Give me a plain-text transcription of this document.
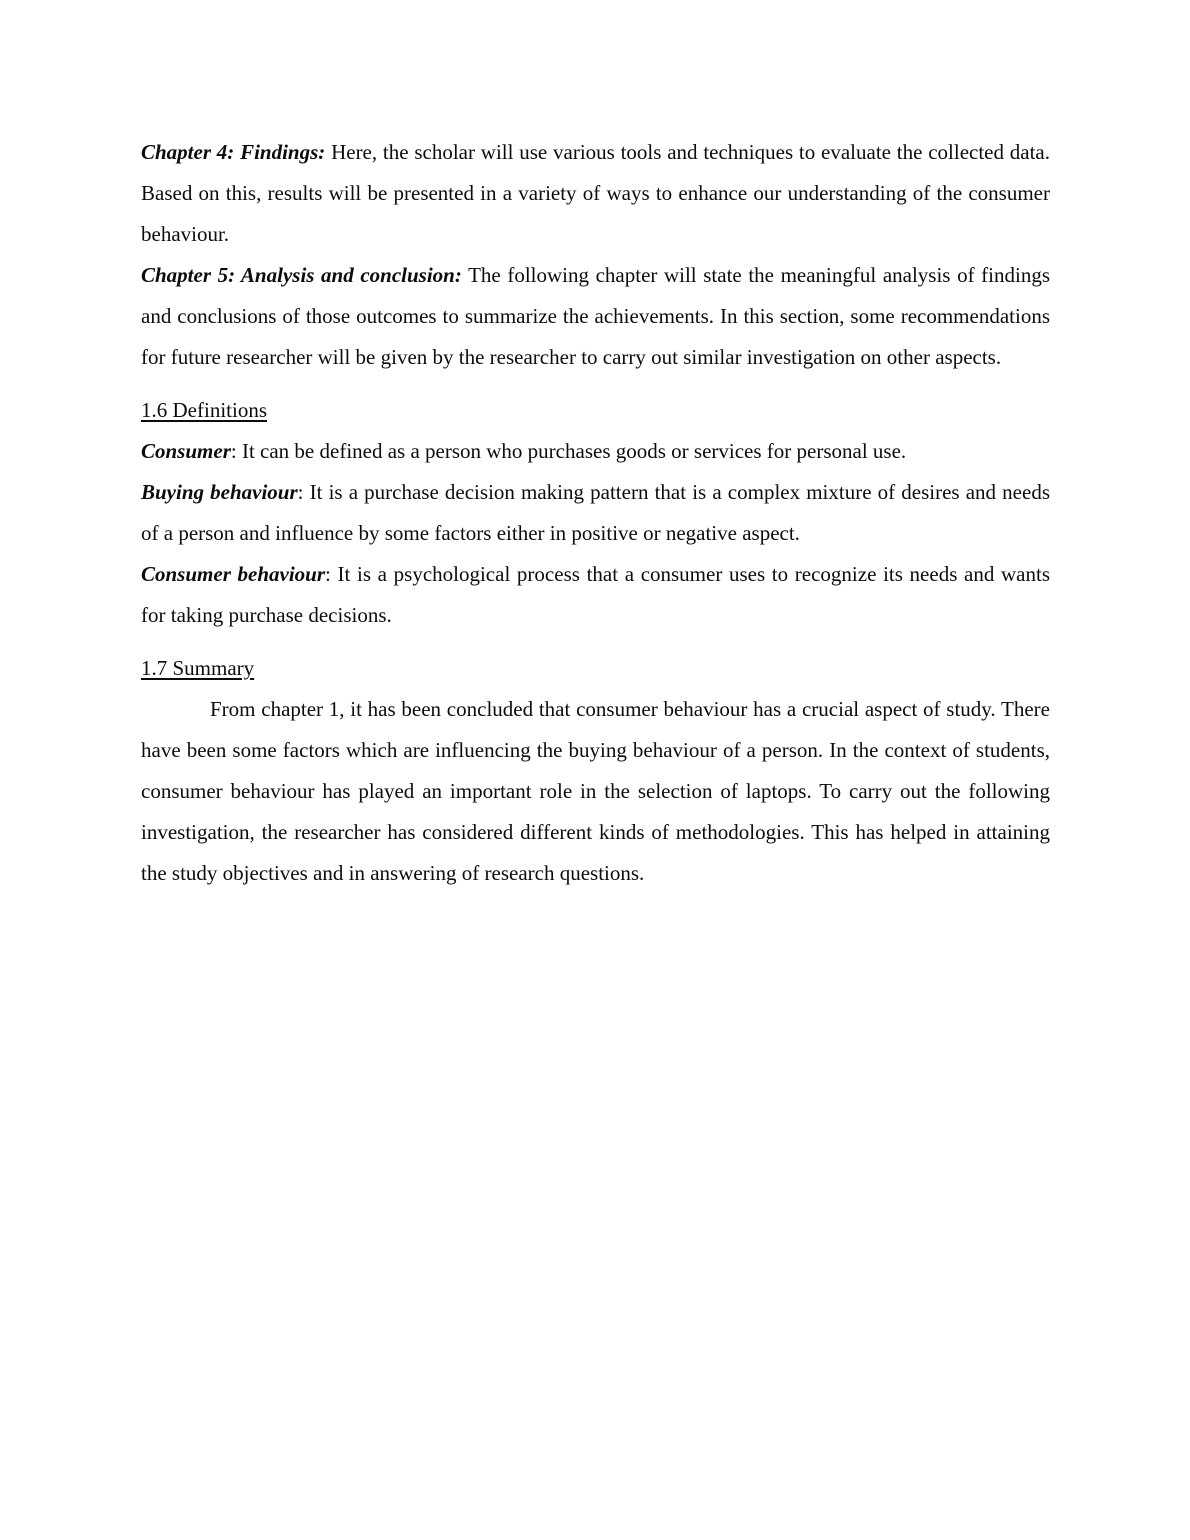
Chapter 4: Findings: Here, the scholar will use various tools and techniques to evaluate the collected data. Based on this, results will be presented in a variety of ways to enhance our understanding of the consumer behaviour.

Chapter 5: Analysis and conclusion: The following chapter will state the meaningful analysis of findings and conclusions of those outcomes to summarize the achievements. In this section, some recommendations for future researcher will be given by the researcher to carry out similar investigation on other aspects.

1.6 Definitions

Consumer: It can be defined as a person who purchases goods or services for personal use.

Buying behaviour: It is a purchase decision making pattern that is a complex mixture of desires and needs of a person and influence by some factors either in positive or negative aspect.

Consumer behaviour: It is a psychological process that a consumer uses to recognize its needs and wants for taking purchase decisions.

1.7 Summary

From chapter 1, it has been concluded that consumer behaviour has a crucial aspect of study. There have been some factors which are influencing the buying behaviour of a person. In the context of students, consumer behaviour has played an important role in the selection of laptops. To carry out the following investigation, the researcher has considered different kinds of methodologies. This has helped in attaining the study objectives and in answering of research questions.
